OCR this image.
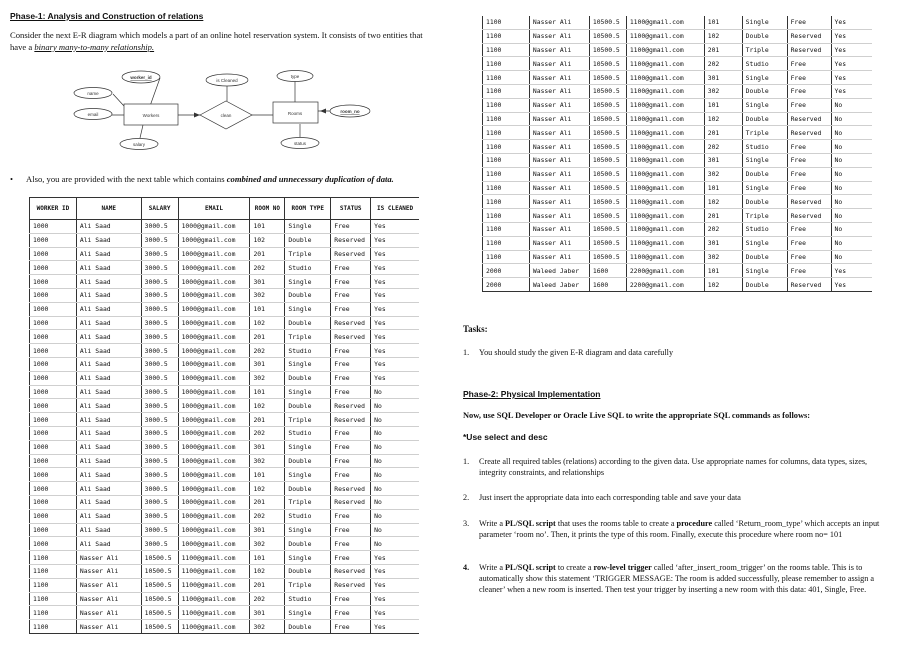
Phase-1: Analysis and Construction of relations
Consider the next E-R diagram which models a part of an online hotel reservation system. It consists of two entities that have a binary many-to-many relationship.
Workers	Rooms
clean
worker_id
name
email
salary
is Cleaned
type
room_no
status
• Also, you are provided with the next table which contains combined and unnecessary duplication of data.
WORKER ID	NAME	SALARY	EMAIL	ROOM NO	ROOM TYPE	STATUS	IS CLEANED
1000	Ali Saad	3000.5	1000@gmail.com	101	Single	Free	Yes
1000	Ali Saad	3000.5	1000@gmail.com	102	Double	Reserved	Yes
1000	Ali Saad	3000.5	1000@gmail.com	201	Triple	Reserved	Yes
1000	Ali Saad	3000.5	1000@gmail.com	202	Studio	Free	Yes
1000	Ali Saad	3000.5	1000@gmail.com	301	Single	Free	Yes
1000	Ali Saad	3000.5	1000@gmail.com	302	Double	Free	Yes
1000	Ali Saad	3000.5	1000@gmail.com	101	Single	Free	Yes
1000	Ali Saad	3000.5	1000@gmail.com	102	Double	Reserved	Yes
1000	Ali Saad	3000.5	1000@gmail.com	201	Triple	Reserved	Yes
1000	Ali Saad	3000.5	1000@gmail.com	202	Studio	Free	Yes
1000	Ali Saad	3000.5	1000@gmail.com	301	Single	Free	Yes
1000	Ali Saad	3000.5	1000@gmail.com	302	Double	Free	Yes
1000	Ali Saad	3000.5	1000@gmail.com	101	Single	Free	No
1000	Ali Saad	3000.5	1000@gmail.com	102	Double	Reserved	No
1000	Ali Saad	3000.5	1000@gmail.com	201	Triple	Reserved	No
1000	Ali Saad	3000.5	1000@gmail.com	202	Studio	Free	No
1000	Ali Saad	3000.5	1000@gmail.com	301	Single	Free	No
1000	Ali Saad	3000.5	1000@gmail.com	302	Double	Free	No
1000	Ali Saad	3000.5	1000@gmail.com	101	Single	Free	No
1000	Ali Saad	3000.5	1000@gmail.com	102	Double	Reserved	No
1000	Ali Saad	3000.5	1000@gmail.com	201	Triple	Reserved	No
1000	Ali Saad	3000.5	1000@gmail.com	202	Studio	Free	No
1000	Ali Saad	3000.5	1000@gmail.com	301	Single	Free	No
1000	Ali Saad	3000.5	1000@gmail.com	302	Double	Free	No
1100	Nasser Ali	10500.5	1100@gmail.com	101	Single	Free	Yes
1100	Nasser Ali	10500.5	1100@gmail.com	102	Double	Reserved	Yes
1100	Nasser Ali	10500.5	1100@gmail.com	201	Triple	Reserved	Yes
1100	Nasser Ali	10500.5	1100@gmail.com	202	Studio	Free	Yes
1100	Nasser Ali	10500.5	1100@gmail.com	301	Single	Free	Yes
1100	Nasser Ali	10500.5	1100@gmail.com	302	Double	Free	Yes
1100	Nasser Ali	10500.5	1100@gmail.com	101	Single	Free	Yes
1100	Nasser Ali	10500.5	1100@gmail.com	102	Double	Reserved	Yes
1100	Nasser Ali	10500.5	1100@gmail.com	201	Triple	Reserved	Yes
1100	Nasser Ali	10500.5	1100@gmail.com	202	Studio	Free	Yes
1100	Nasser Ali	10500.5	1100@gmail.com	301	Single	Free	Yes
1100	Nasser Ali	10500.5	1100@gmail.com	302	Double	Free	Yes
1100	Nasser Ali	10500.5	1100@gmail.com	101	Single	Free	No
1100	Nasser Ali	10500.5	1100@gmail.com	102	Double	Reserved	No
1100	Nasser Ali	10500.5	1100@gmail.com	201	Triple	Reserved	No
1100	Nasser Ali	10500.5	1100@gmail.com	202	Studio	Free	No
1100	Nasser Ali	10500.5	1100@gmail.com	301	Single	Free	No
1100	Nasser Ali	10500.5	1100@gmail.com	302	Double	Free	No
1100	Nasser Ali	10500.5	1100@gmail.com	101	Single	Free	No
1100	Nasser Ali	10500.5	1100@gmail.com	102	Double	Reserved	No
1100	Nasser Ali	10500.5	1100@gmail.com	201	Triple	Reserved	No
1100	Nasser Ali	10500.5	1100@gmail.com	202	Studio	Free	No
1100	Nasser Ali	10500.5	1100@gmail.com	301	Single	Free	No
1100	Nasser Ali	10500.5	1100@gmail.com	302	Double	Free	No
2000	Waleed Jaber	1600	2200@gmail.com	101	Single	Free	Yes
2000	Waleed Jaber	1600	2200@gmail.com	102	Double	Reserved	Yes
Tasks:
1. You should study the given E-R diagram and data carefully
Phase-2: Physical Implementation
Now, use SQL Developer or Oracle Live SQL to write the appropriate SQL commands as follows:
*Use select and desc
1.	Create all required tables (relations) according to the given data. Use appropriate names for columns, data types, sizes, integrity constraints, and relationships
2.	Just insert the appropriate data into each corresponding table and save your data
3.	Write a PL/SQL script that uses the rooms table to create a procedure called ‘Return_room_type’ which accepts an input parameter ‘room no’. Then, it prints the type of this room. Finally, execute this procedure where room no= 101
4.	Write a PL/SQL script to create a row-level trigger called ‘after_insert_room_trigger’ on the rooms table. This is to automatically show this statement ‘TRIGGER MESSAGE: The room is added successfully, please remember to assign a cleaner’ when a new room is inserted. Then test your trigger by inserting a new room with this data: 401, Single, Free.
